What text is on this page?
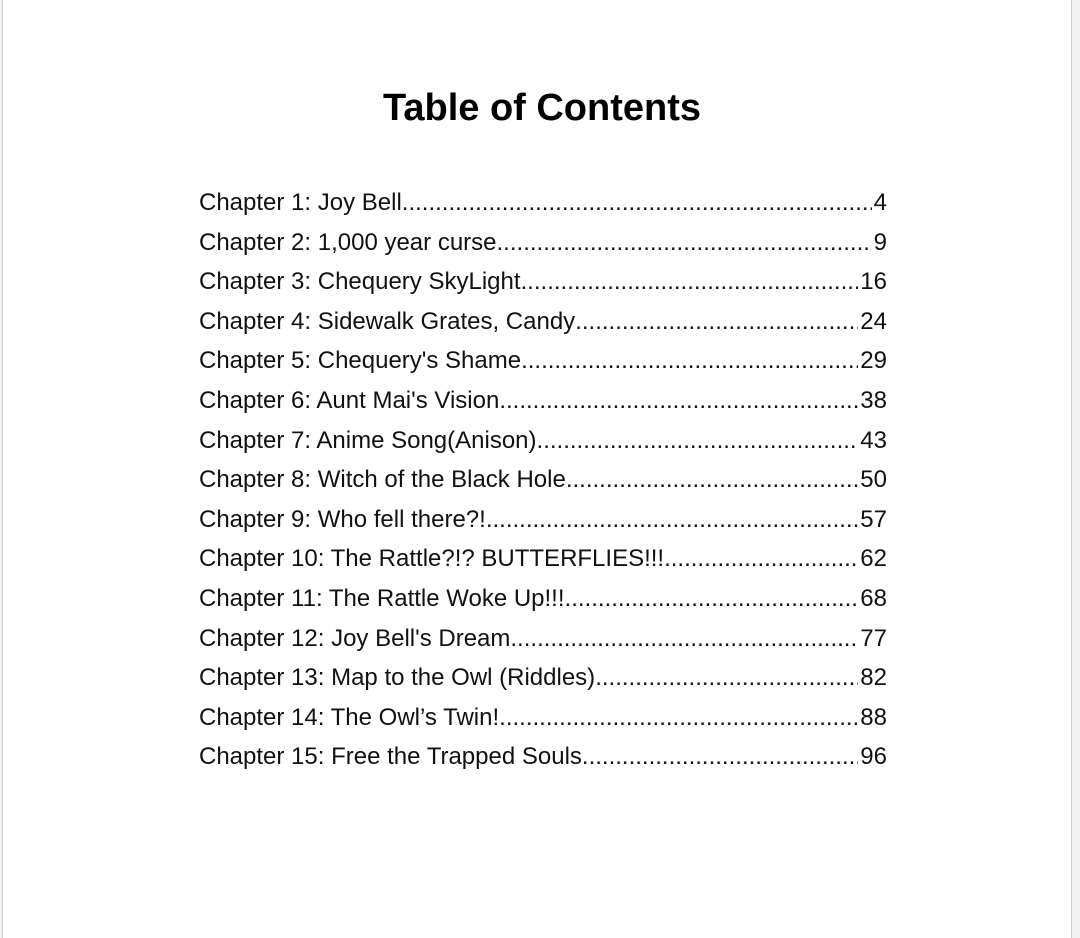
Table of Contents
Chapter 1: Joy Bell .....	4
Chapter 2: 1,000 year curse .....	9
Chapter 3: Chequery SkyLight .....	16
Chapter 4: Sidewalk Grates, Candy .....	24
Chapter 5: Chequery's Shame .....	29
Chapter 6: Aunt Mai's Vision .....	38
Chapter 7: Anime Song(Anison) .....	43
Chapter 8: Witch of the Black Hole .....	50
Chapter 9: Who fell there?! .....	57
Chapter 10: The Rattle?!? BUTTERFLIES!!! .....	62
Chapter 11: The Rattle Woke Up!!! .....	68
Chapter 12: Joy Bell's Dream .....	77
Chapter 13: Map to the Owl (Riddles) .....	82
Chapter 14: The Owl’s Twin! .....	88
Chapter 15: Free the Trapped Souls .....	96
